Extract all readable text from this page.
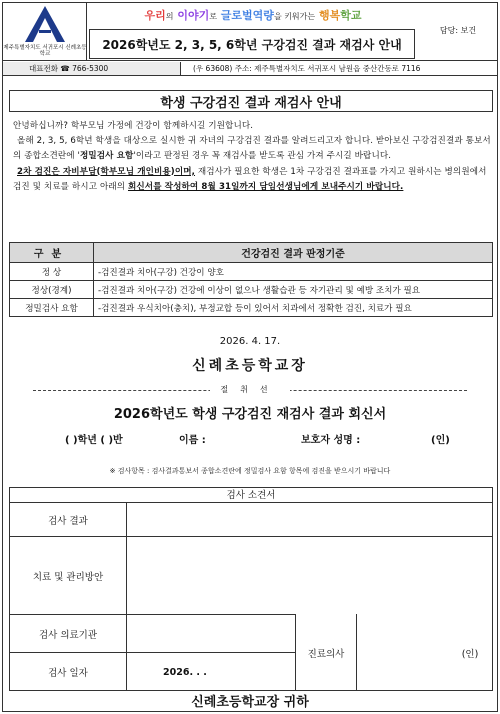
제주특별자치도 서귀포시 신례초등학교
우리의 이야기로 글로벌역량을 키워가는 행복학교
2026학년도 2, 3, 5, 6학년 구강검진 결과 재검사 안내
담당: 보건
대표전화 ☎ 766-5300	(우 63608) 주소: 제주특별자치도 서귀포시 남원읍 중산간동로 7116
학생 구강검진 결과 재검사 안내

안녕하십니까? 학부모님 가정에 건강이 함께하시길 기원합니다.

올해 2, 3, 5, 6학년 학생을 대상으로 실시한 귀 자녀의 구강검진 결과를 알려드리고자 합니다. 받아보신 구강검진결과 통보서의 종합소견란에 '정밀검사 요함'이라고 판정된 경우 꼭 재검사를 받도록 관심 가져 주시길 바랍니다.

2차 검진은 자비부담(학부모님 개인비용)이며, 재검사가 필요한 학생은 1차 구강검진 결과표를 가지고 원하시는 병의원에서 검진 및 치료를 하시고 아래의 회신서를 작성하여 8월 31일까지 담임선생님에게 보내주시기 바랍니다.

구분	건강검진 결과 판정기준
정 상	-검진결과 치아(구강) 건강이 양호
정상(경계)	-검진결과 치아(구강) 건강에 이상이 없으나 생활습관 등 자기관리 및 예방 조치가 필요
정밀검사 요함	-검진결과 우식치아(충치), 부정교합 등이 있어서 치과에서 정확한 검진, 치료가 필요
2026. 4. 17.
신례초등학교장
절취선
2026학년도 학생 구강검진 재검사 결과 회신서
( )학년 ( )반	이름 :	보호자 성명 :	(인)
※ 검사항목 : 검사결과통보서 종합소견란에 정밀검사 요함 항목에 검진을 받으시기 바랍니다
검사 소견서
검사 결과
치료 및 관리방안
검사 의료기관
진료의사	(인)
검사 일자	2026. . .
신례초등학교장 귀하
